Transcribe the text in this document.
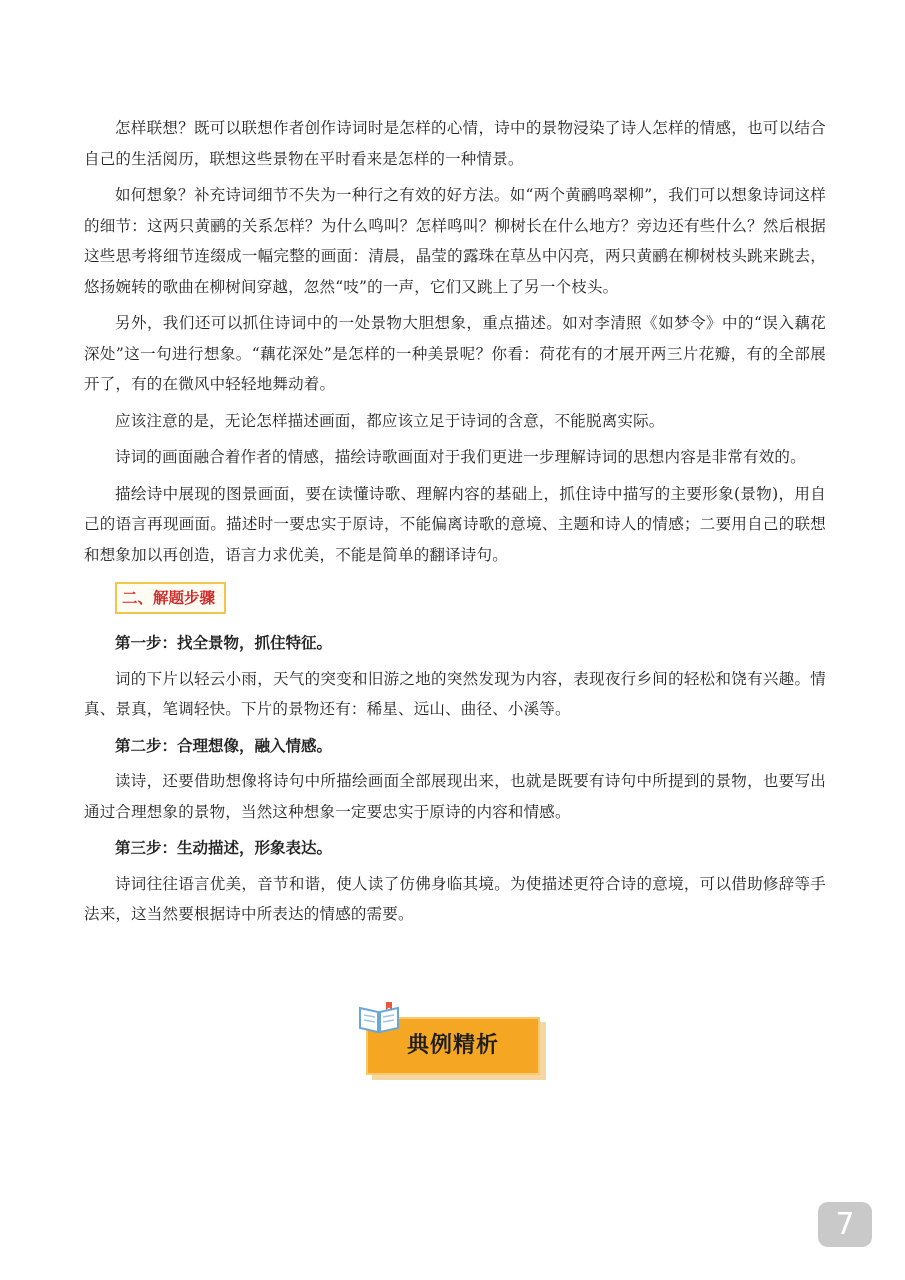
怎样联想？既可以联想作者创作诗词时是怎样的心情，诗中的景物浸染了诗人怎样的情感，也可以结合自己的生活阅历，联想这些景物在平时看来是怎样的一种情景。

如何想象？补充诗词细节不失为一种行之有效的好方法。如“两个黄鹂鸣翠柳”，我们可以想象诗词这样的细节：这两只黄鹂的关系怎样？为什么鸣叫？怎样鸣叫？柳树长在什么地方？旁边还有些什么？然后根据这些思考将细节连缀成一幅完整的画面：清晨，晶莹的露珠在草丛中闪亮，两只黄鹂在柳树枝头跳来跳去，悠扬婉转的歌曲在柳树间穿越，忽然“吱”的一声，它们又跳上了另一个枝头。

另外，我们还可以抓住诗词中的一处景物大胆想象，重点描述。如对李清照《如梦令》中的“误入藕花深处”这一句进行想象。“藕花深处”是怎样的一种美景呢？你看：荷花有的才展开两三片花瓣，有的全部展开了，有的在微风中轻轻地舞动着。

应该注意的是，无论怎样描述画面，都应该立足于诗词的含意，不能脱离实际。

诗词的画面融合着作者的情感，描绘诗歌画面对于我们更进一步理解诗词的思想内容是非常有效的。

描绘诗中展现的图景画面，要在读懂诗歌、理解内容的基础上，抓住诗中描写的主要形象(景物)，用自己的语言再现画面。描述时一要忠实于原诗，不能偏离诗歌的意境、主题和诗人的情感；二要用自己的联想和想象加以再创造，语言力求优美，不能是简单的翻译诗句。

二、解题步骤
第一步：找全景物，抓住特征。

词的下片以轻云小雨，天气的突变和旧游之地的突然发现为内容，表现夜行乡间的轻松和饶有兴趣。情真、景真，笔调轻快。下片的景物还有：稀星、远山、曲径、小溪等。

第二步：合理想像，融入情感。

读诗，还要借助想像将诗句中所描绘画面全部展现出来，也就是既要有诗句中所提到的景物，也要写出通过合理想象的景物，当然这种想象一定要忠实于原诗的内容和情感。

第三步：生动描述，形象表达。

诗词往往语言优美，音节和谐，使人读了仿佛身临其境。为使描述更符合诗的意境，可以借助修辞等手法来，这当然要根据诗中所表达的情感的需要。

典例精析
7
